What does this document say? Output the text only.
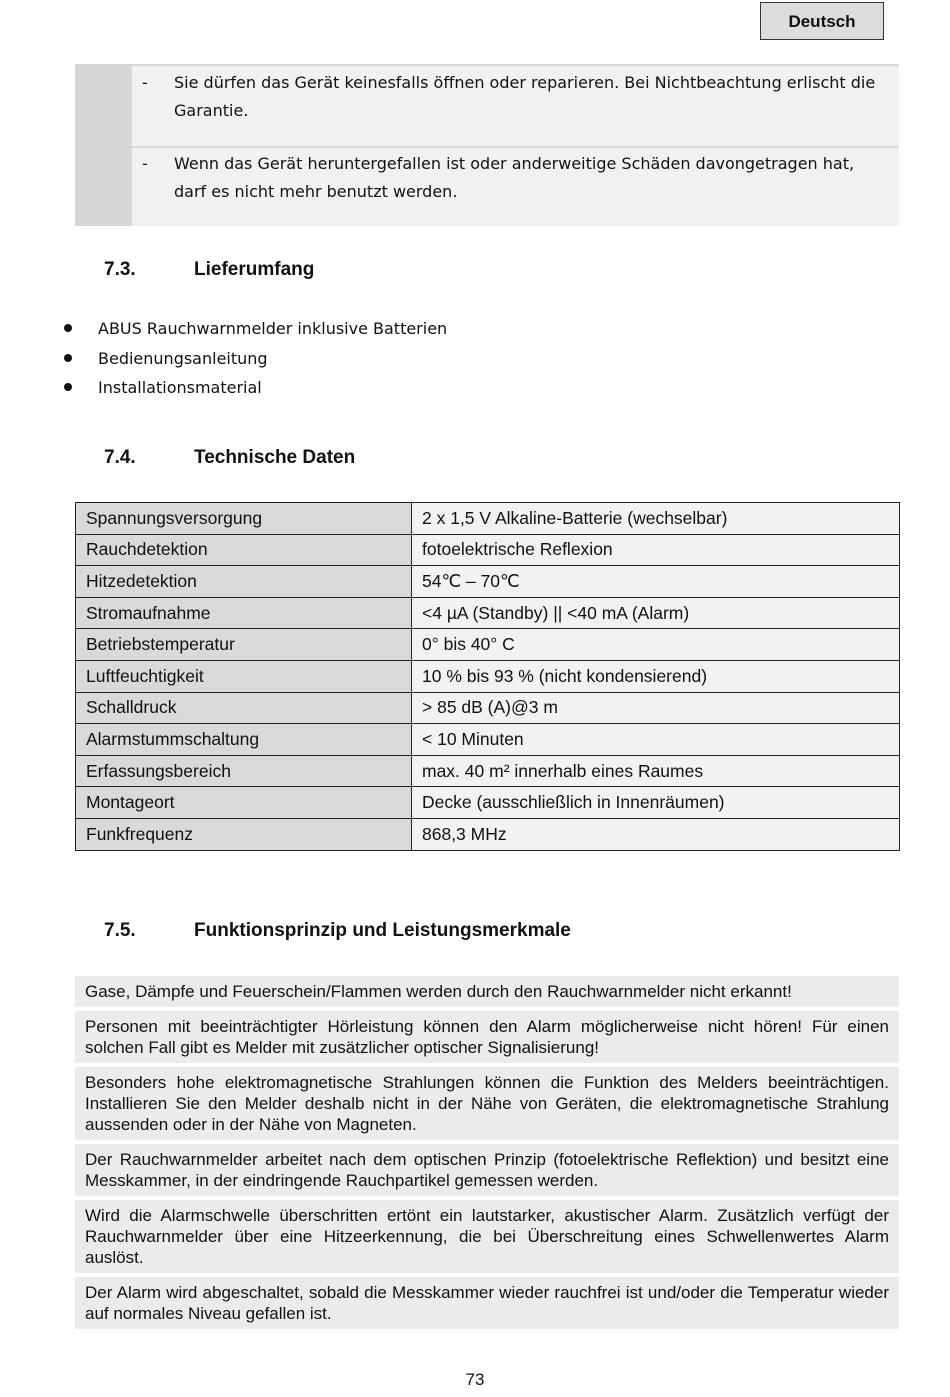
Deutsch
- Sie dürfen das Gerät keinesfalls öffnen oder reparieren. Bei Nichtbeachtung erlischt die Garantie.
- Wenn das Gerät heruntergefallen ist oder anderweitige Schäden davongetragen hat, darf es nicht mehr benutzt werden.
7.3.	Lieferumfang
ABUS Rauchwarnmelder inklusive Batterien
Bedienungsanleitung
Installationsmaterial
7.4.	Technische Daten
Spannungsversorgung	2 x 1,5 V Alkaline-Batterie (wechselbar)
Rauchdetektion	fotoelektrische Reflexion
Hitzedetektion	54℃ – 70℃
Stromaufnahme	<4 µA (Standby) || <40 mA (Alarm)
Betriebstemperatur	0° bis 40° C
Luftfeuchtigkeit	10 % bis 93 % (nicht kondensierend)
Schalldruck	> 85 dB (A)@3 m
Alarmstummschaltung	< 10 Minuten
Erfassungsbereich	max. 40 m² innerhalb eines Raumes
Montageort	Decke (ausschließlich in Innenräumen)
Funkfrequenz	868,3 MHz
7.5.	Funktionsprinzip und Leistungsmerkmale
Gase, Dämpfe und Feuerschein/Flammen werden durch den Rauchwarnmelder nicht erkannt!
Personen mit beeinträchtigter Hörleistung können den Alarm möglicherweise nicht hören! Für einen solchen Fall gibt es Melder mit zusätzlicher optischer Signalisierung!
Besonders hohe elektromagnetische Strahlungen können die Funktion des Melders beeinträchtigen. Installieren Sie den Melder deshalb nicht in der Nähe von Geräten, die elektromagnetische Strahlung aussenden oder in der Nähe von Magneten.
Der Rauchwarnmelder arbeitet nach dem optischen Prinzip (fotoelektrische Reflektion) und besitzt eine Messkammer, in der eindringende Rauchpartikel gemessen werden.
Wird die Alarmschwelle überschritten ertönt ein lautstarker, akustischer Alarm. Zusätzlich verfügt der Rauchwarnmelder über eine Hitzeerkennung, die bei Überschreitung eines Schwellenwertes Alarm auslöst.
Der Alarm wird abgeschaltet, sobald die Messkammer wieder rauchfrei ist und/oder die Temperatur wieder auf normales Niveau gefallen ist.
73
